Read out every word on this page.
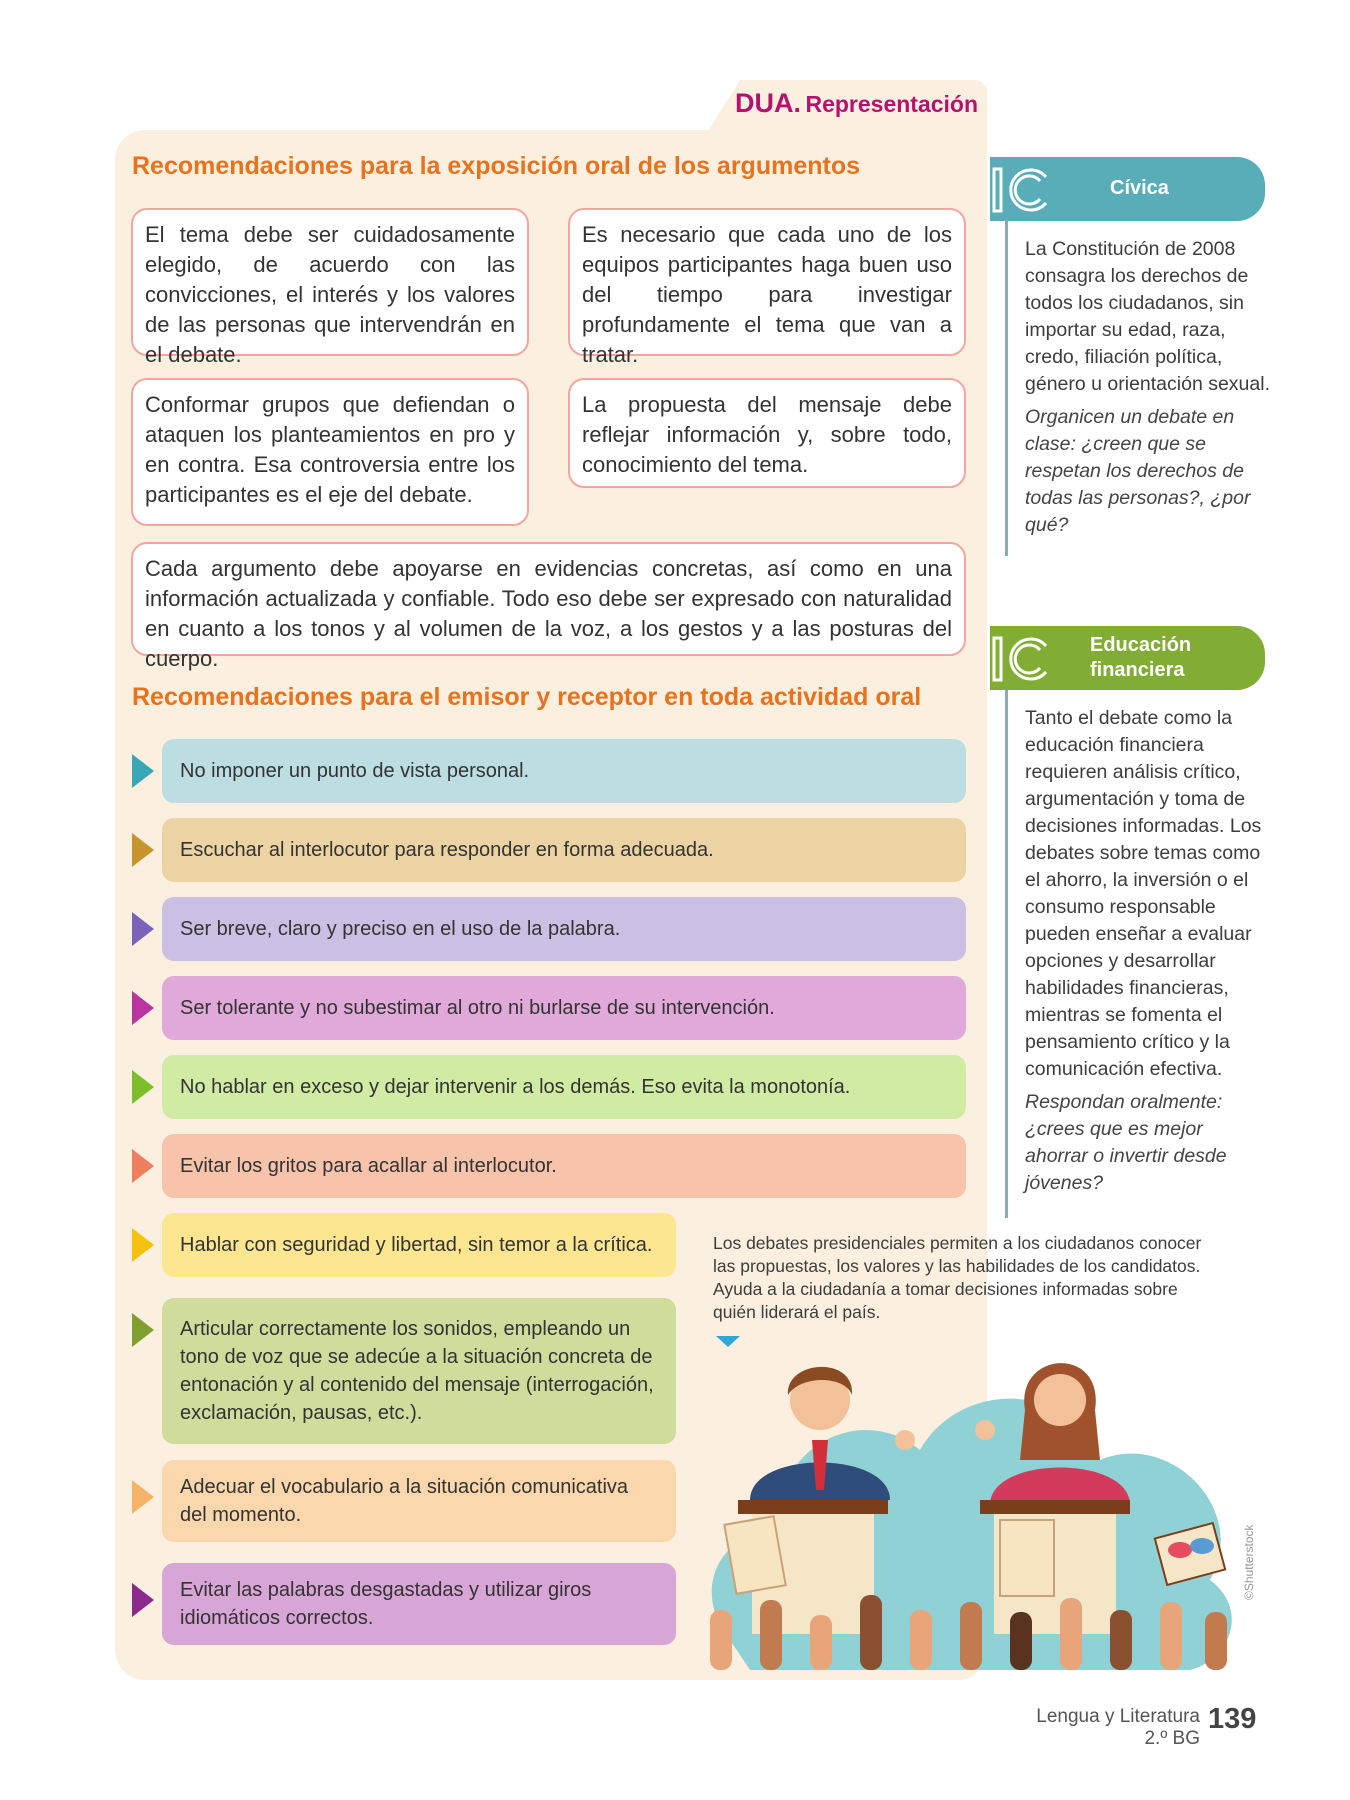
DUA. Representación
Recomendaciones para la exposición oral de los argumentos
El tema debe ser cuidadosamente elegido, de acuerdo con las convicciones, el interés y los valores de las personas que intervendrán en el debate.
Es necesario que cada uno de los equipos participantes haga buen uso del tiempo para investigar profundamente el tema que van a tratar.
Conformar grupos que defiendan o ataquen los planteamientos en pro y en contra. Esa controversia entre los participantes es el eje del debate.
La propuesta del mensaje debe reflejar información y, sobre todo, conocimiento del tema.
Cada argumento debe apoyarse en evidencias concretas, así como en una información actualizada y confiable. Todo eso debe ser expresado con naturalidad en cuanto a los tonos y al volumen de la voz, a los gestos y a las posturas del cuerpo.
Recomendaciones para el emisor y receptor en toda actividad oral
No imponer un punto de vista personal.
Escuchar al interlocutor para responder en forma adecuada.
Ser breve, claro y preciso en el uso de la palabra.
Ser tolerante y no subestimar al otro ni burlarse de su intervención.
No hablar en exceso y dejar intervenir a los demás. Eso evita la monotonía.
Evitar los gritos para acallar al interlocutor.
Hablar con seguridad y libertad, sin temor a la crítica.
Articular correctamente los sonidos, empleando un tono de voz que se adecúe a la situación concreta de entonación y al contenido del mensaje (interrogación, exclamación, pausas, etc.).
Adecuar el vocabulario a la situación comunicativa del momento.
Evitar las palabras desgastadas y utilizar giros idiomáticos correctos.
Cívica
La Constitución de 2008 consagra los derechos de todos los ciudadanos, sin importar su edad, raza, credo, filiación política, género u orientación sexual.
Organicen un debate en clase: ¿creen que se respetan los derechos de todas las personas?, ¿por qué?
Educación
financiera
Tanto el debate como la educación financiera requieren análisis crítico, argumentación y toma de decisiones informadas. Los debates sobre temas como el ahorro, la inversión o el consumo responsable pueden enseñar a evaluar opciones y desarrollar habilidades financieras, mientras se fomenta el pensamiento crítico y la comunicación efectiva.
Respondan oralmente: ¿crees que es mejor ahorrar o invertir desde jóvenes?
Los debates presidenciales permiten a los ciudadanos conocer las propuestas, los valores y las habilidades de los candidatos. Ayuda a la ciudadanía a tomar decisiones informadas sobre quién liderará el país.
©Shutterstock
Lengua y Literatura
2.º BG
139
